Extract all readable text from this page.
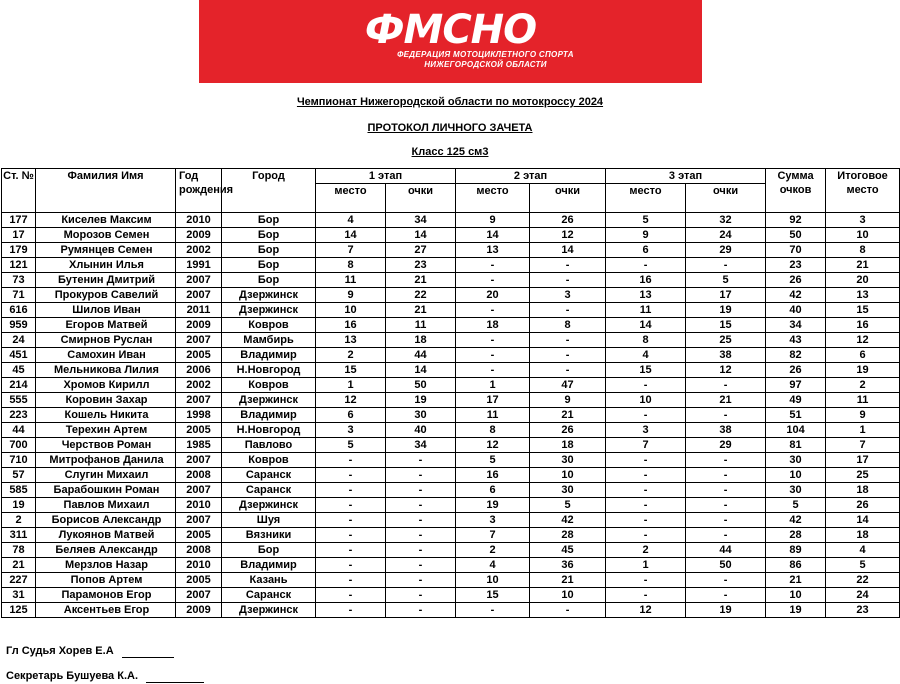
ФМСНО
ФЕДЕРАЦИЯ МОТОЦИКЛЕТНОГО СПОРТА
НИЖЕГОРОДСКОЙ ОБЛАСТИ
Чемпионат Нижегородской области по мотокроссу 2024
ПРОТОКОЛ ЛИЧНОГО ЗАЧЕТА
Класс 125 см3
Ст. №	Фамилия Имя	Год рождения	Город	1 этап		2 этап		3 этап		Сумма очков	Итоговое место
				место	очки	место	очки	место	очки		
177	Киселев Максим	2010	Бор	4	34	9	26	5	32	92	3
17	Морозов Семен	2009	Бор	14	14	14	12	9	24	50	10
179	Румянцев Семен	2002	Бор	7	27	13	14	6	29	70	8
121	Хлынин Илья	1991	Бор	8	23	-	-	-	-	23	21
73	Бутенин Дмитрий	2007	Бор	11	21	-	-	16	5	26	20
71	Прокуров Савелий	2007	Дзержинск	9	22	20	3	13	17	42	13
616	Шилов Иван	2011	Дзержинск	10	21	-	-	11	19	40	15
959	Егоров Матвей	2009	Ковров	16	11	18	8	14	15	34	16
24	Смирнов Руслан	2007	Мамбирь	13	18	-	-	8	25	43	12
451	Самохин Иван	2005	Владимир	2	44	-	-	4	38	82	6
45	Мельникова Лилия	2006	Н.Новгород	15	14	-	-	15	12	26	19
214	Хромов Кирилл	2002	Ковров	1	50	1	47	-	-	97	2
555	Коровин Захар	2007	Дзержинск	12	19	17	9	10	21	49	11
223	Кошель Никита	1998	Владимир	6	30	11	21	-	-	51	9
44	Терехин Артем	2005	Н.Новгород	3	40	8	26	3	38	104	1
700	Черствов Роман	1985	Павлово	5	34	12	18	7	29	81	7
710	Митрофанов Данила	2007	Ковров	-	-	5	30	-	-	30	17
57	Слугин Михаил	2008	Саранск	-	-	16	10	-	-	10	25
585	Барабошкин Роман	2007	Саранск	-	-	6	30	-	-	30	18
19	Павлов Михаил	2010	Дзержинск	-	-	19	5	-	-	5	26
2	Борисов Александр	2007	Шуя	-	-	3	42	-	-	42	14
311	Лукоянов Матвей	2005	Вязники	-	-	7	28	-	-	28	18
78	Беляев Александр	2008	Бор	-	-	2	45	2	44	89	4
21	Мерзлов Назар	2010	Владимир	-	-	4	36	1	50	86	5
227	Попов Артем	2005	Казань	-	-	10	21	-	-	21	22
31	Парамонов Егор	2007	Саранск	-	-	15	10	-	-	10	24
125	Аксентьев Егор	2009	Дзержинск	-	-	-	-	12	19	19	23
Гл Судья Хорев Е.А
Секретарь Бушуева К.А.
